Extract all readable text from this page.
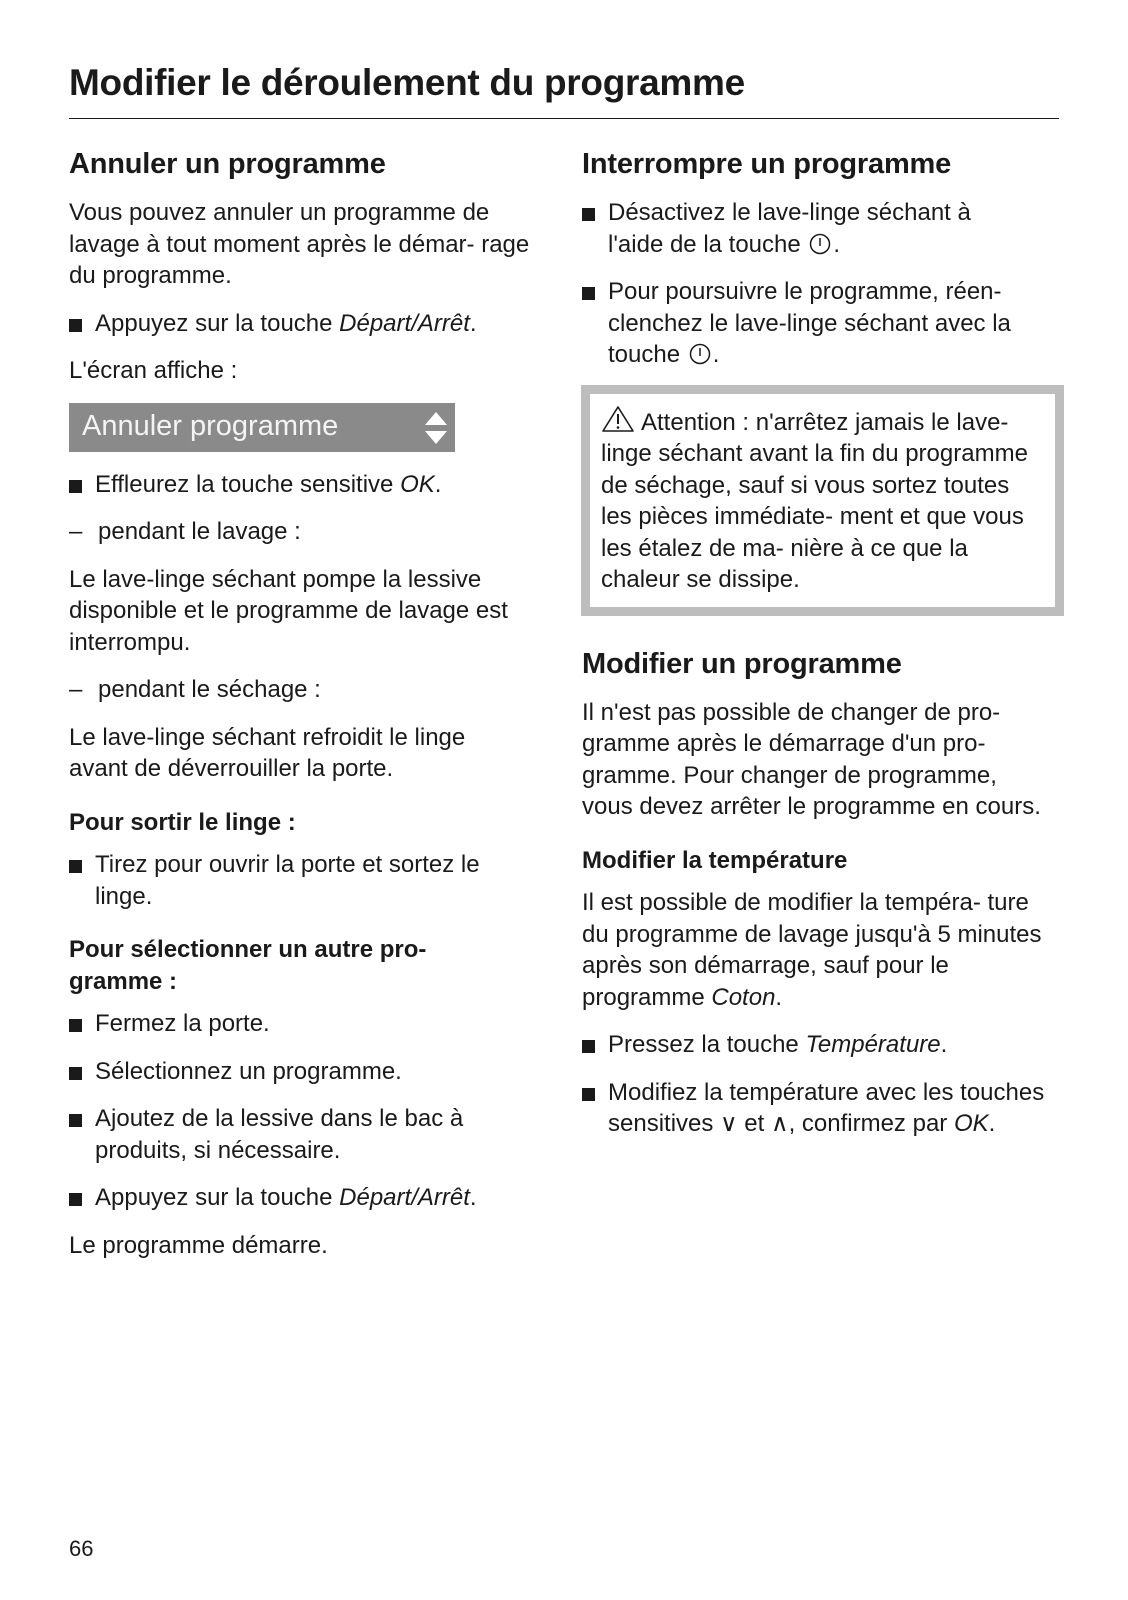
Modifier le déroulement du programme
Annuler un programme

Vous pouvez annuler un programme de lavage à tout moment après le démar- rage du programme.

Appuyez sur la touche Départ/Arrêt.

L'écran affiche :

Annuler programme
Effleurez la touche sensitive OK.
– pendant le lavage :

Le lave-linge séchant pompe la lessive disponible et le programme de lavage est interrompu.

– pendant le séchage :

Le lave-linge séchant refroidit le linge avant de déverrouiller la porte.

Pour sortir le linge :
Tirez pour ouvrir la porte et sortez le linge.
Pour sélectionner un autre pro- gramme :
Fermez la porte.
Sélectionnez un programme.
Ajoutez de la lessive dans le bac à produits, si nécessaire.
Appuyez sur la touche Départ/Arrêt.

Le programme démarre.

Interrompre un programme
Désactivez le lave-linge séchant à l'aide de la touche .
Pour poursuivre le programme, réen- clenchez le lave-linge séchant avec la touche .

Attention : n'arrêtez jamais le lave-linge séchant avant la fin du programme de séchage, sauf si vous sortez toutes les pièces immédiate- ment et que vous les étalez de ma- nière à ce que la chaleur se dissipe.

Modifier un programme

Il n'est pas possible de changer de pro- gramme après le démarrage d'un pro- gramme. Pour changer de programme, vous devez arrêter le programme en cours.

Modifier la température

Il est possible de modifier la tempéra- ture du programme de lavage jusqu'à 5 minutes après son démarrage, sauf pour le programme Coton.

Pressez la touche Température.
Modifiez la température avec les touches sensitives ∨ et ∧, confirmez par OK.
66
